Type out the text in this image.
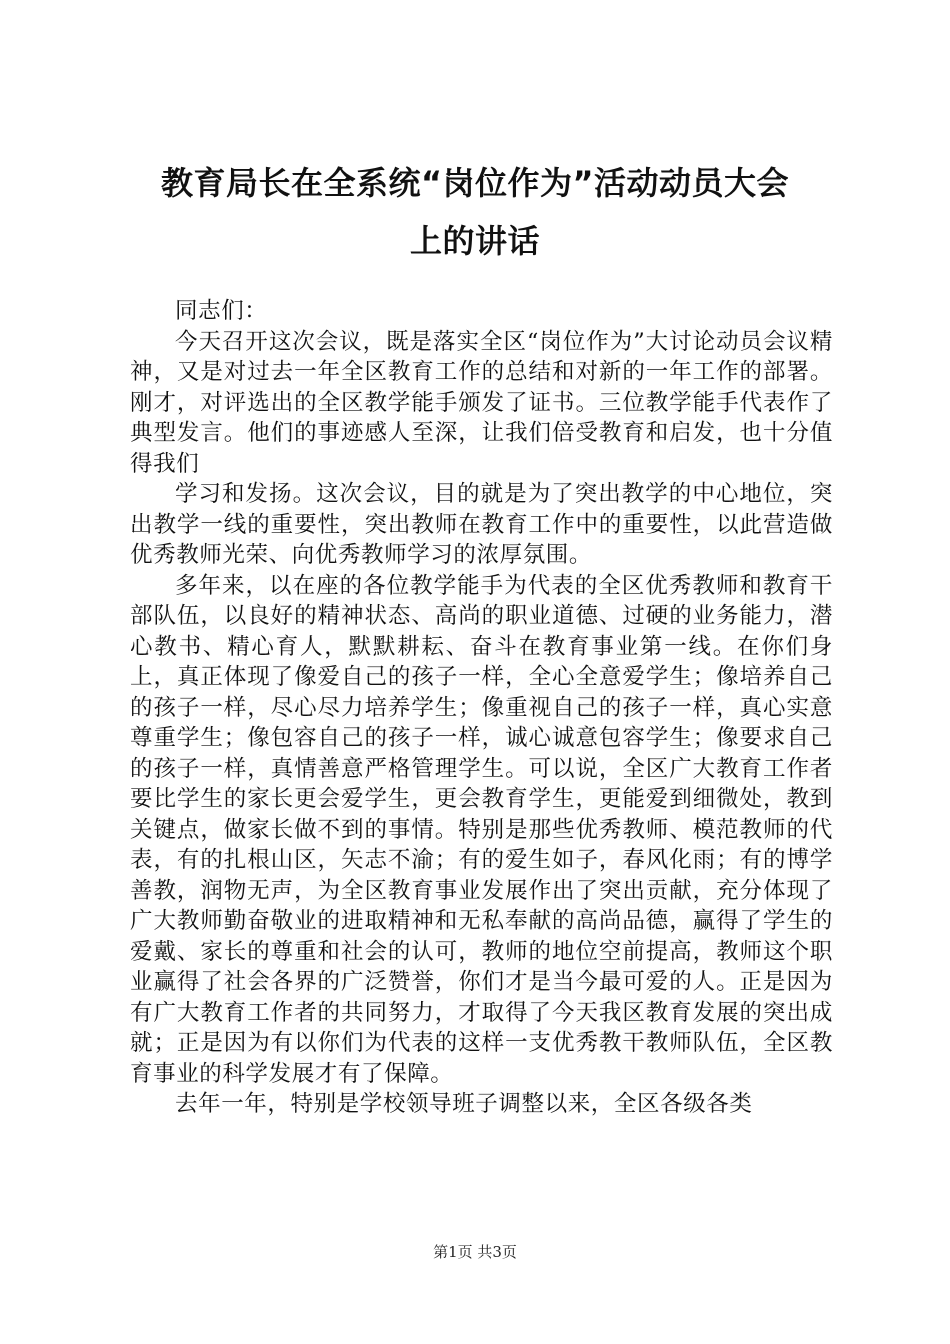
教育局长在全系统“岗位作为”活动动员大会
上的讲话

同志们：

今天召开这次会议，既是落实全区“岗位作为”大讨论动员会议精神，又是对过去一年全区教育工作的总结和对新的一年工作的部署。刚才，对评选出的全区教学能手颁发了证书。三位教学能手代表作了典型发言。他们的事迹感人至深，让我们倍受教育和启发，也十分值得我们

学习和发扬。这次会议，目的就是为了突出教学的中心地位，突出教学一线的重要性，突出教师在教育工作中的重要性，以此营造做优秀教师光荣、向优秀教师学习的浓厚氛围。

多年来，以在座的各位教学能手为代表的全区优秀教师和教育干部队伍，以良好的精神状态、高尚的职业道德、过硬的业务能力，潜心教书、精心育人，默默耕耘、奋斗在教育事业第一线。在你们身上，真正体现了像爱自己的孩子一样，全心全意爱学生；像培养自己的孩子一样，尽心尽力培养学生；像重视自己的孩子一样，真心实意尊重学生；像包容自己的孩子一样，诚心诚意包容学生；像要求自己的孩子一样，真情善意严格管理学生。可以说，全区广大教育工作者要比学生的家长更会爱学生，更会教育学生，更能爱到细微处，教到关键点，做家长做不到的事情。特别是那些优秀教师、模范教师的代表，有的扎根山区，矢志不渝；有的爱生如子，春风化雨；有的博学善教，润物无声，为全区教育事业发展作出了突出贡献，充分体现了广大教师勤奋敬业的进取精神和无私奉献的高尚品德，赢得了学生的爱戴、家长的尊重和社会的认可，教师的地位空前提高，教师这个职业赢得了社会各界的广泛赞誉，你们才是当今最可爱的人。正是因为有广大教育工作者的共同努力，才取得了今天我区教育发展的突出成就；正是因为有以你们为代表的这样一支优秀教干教师队伍，全区教育事业的科学发展才有了保障。

去年一年，特别是学校领导班子调整以来，全区各级各类

第1页 共3页
